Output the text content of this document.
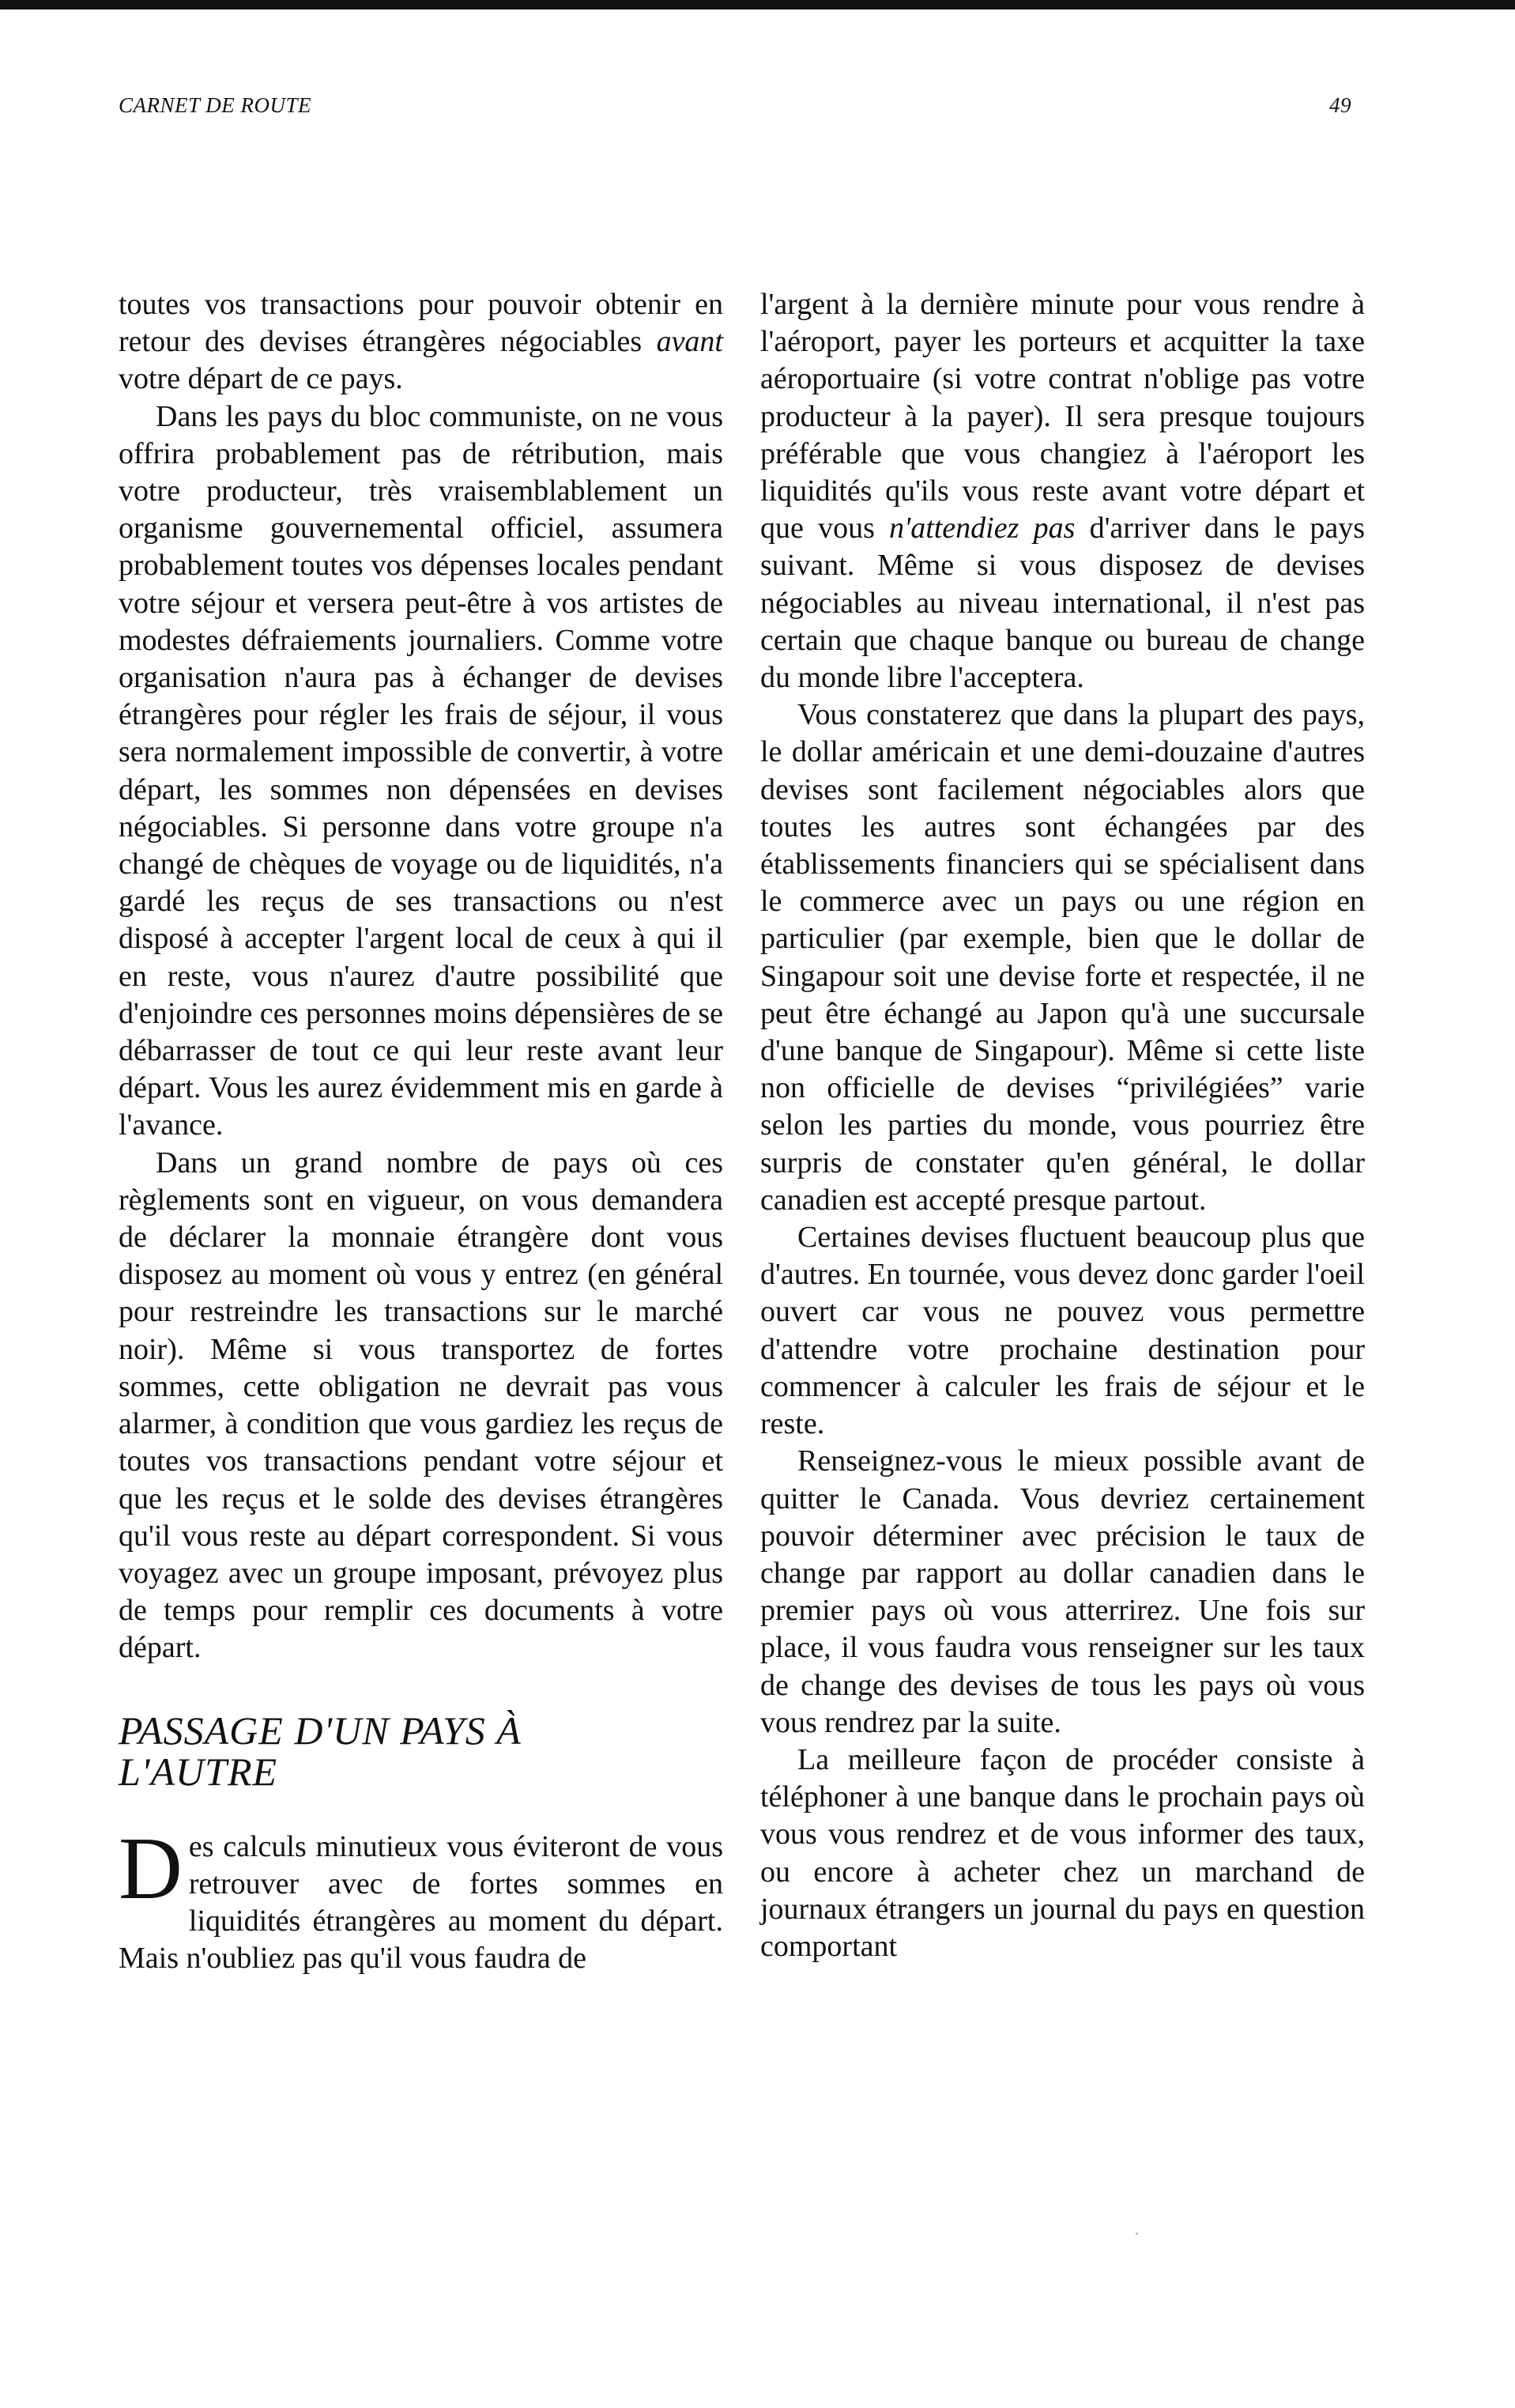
CARNET DE ROUTE	49

toutes vos transactions pour pouvoir obtenir en retour des devises étrangères négociables avant votre départ de ce pays.

Dans les pays du bloc communiste, on ne vous offrira probablement pas de rétribution, mais votre producteur, très vraisemblablement un organisme gouvernemental officiel, assumera probablement toutes vos dépenses locales pendant votre séjour et versera peut-être à vos artistes de modestes défraiements journaliers. Comme votre organisation n'aura pas à échanger de devises étrangères pour régler les frais de séjour, il vous sera normalement impossible de convertir, à votre départ, les sommes non dépensées en devises négociables. Si personne dans votre groupe n'a changé de chèques de voyage ou de liquidités, n'a gardé les reçus de ses transactions ou n'est disposé à accepter l'argent local de ceux à qui il en reste, vous n'aurez d'autre possibilité que d'enjoindre ces personnes moins dépensières de se débarrasser de tout ce qui leur reste avant leur départ. Vous les aurez évidemment mis en garde à l'avance.

Dans un grand nombre de pays où ces règlements sont en vigueur, on vous demandera de déclarer la monnaie étrangère dont vous disposez au moment où vous y entrez (en général pour restreindre les transactions sur le marché noir). Même si vous transportez de fortes sommes, cette obligation ne devrait pas vous alarmer, à condition que vous gardiez les reçus de toutes vos transactions pendant votre séjour et que les reçus et le solde des devises étrangères qu'il vous reste au départ correspondent. Si vous voyagez avec un groupe imposant, prévoyez plus de temps pour remplir ces documents à votre départ.

PASSAGE D'UN PAYS À
L'AUTRE

Des calculs minutieux vous éviteront de vous retrouver avec de fortes sommes en liquidités étrangères au moment du départ. Mais n'oubliez pas qu'il vous faudra de

l'argent à la dernière minute pour vous rendre à l'aéroport, payer les porteurs et acquitter la taxe aéroportuaire (si votre contrat n'oblige pas votre producteur à la payer). Il sera presque toujours préférable que vous changiez à l'aéroport les liquidités qu'ils vous reste avant votre départ et que vous n'attendiez pas d'arriver dans le pays suivant. Même si vous disposez de devises négociables au niveau international, il n'est pas certain que chaque banque ou bureau de change du monde libre l'acceptera.

Vous constaterez que dans la plupart des pays, le dollar américain et une demi-douzaine d'autres devises sont facilement négociables alors que toutes les autres sont échangées par des établissements financiers qui se spécialisent dans le commerce avec un pays ou une région en particulier (par exemple, bien que le dollar de Singapour soit une devise forte et respectée, il ne peut être échangé au Japon qu'à une succursale d'une banque de Singapour). Même si cette liste non officielle de devises “privilégiées” varie selon les parties du monde, vous pourriez être surpris de constater qu'en général, le dollar canadien est accepté presque partout.

Certaines devises fluctuent beaucoup plus que d'autres. En tournée, vous devez donc garder l'oeil ouvert car vous ne pouvez vous permettre d'attendre votre prochaine destination pour commencer à calculer les frais de séjour et le reste.

Renseignez-vous le mieux possible avant de quitter le Canada. Vous devriez certainement pouvoir déterminer avec précision le taux de change par rapport au dollar canadien dans le premier pays où vous atterrirez. Une fois sur place, il vous faudra vous renseigner sur les taux de change des devises de tous les pays où vous vous rendrez par la suite.

La meilleure façon de procéder consiste à téléphoner à une banque dans le prochain pays où vous vous rendrez et de vous informer des taux, ou encore à acheter chez un marchand de journaux étrangers un journal du pays en question comportant
